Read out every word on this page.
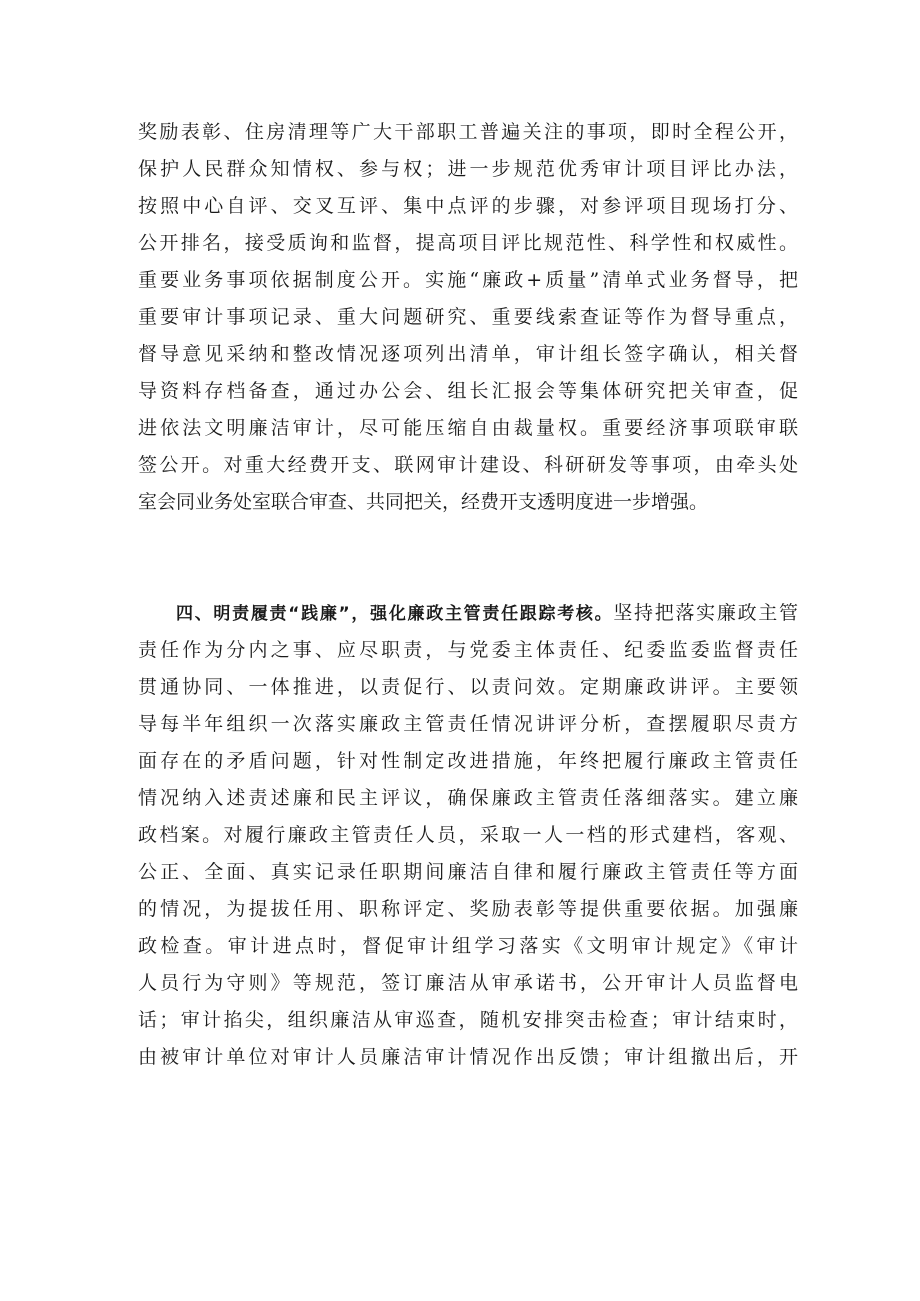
奖励表彰、住房清理等广大干部职工普遍关注的事项，即时全程公开，
保护人民群众知情权、参与权；进一步规范优秀审计项目评比办法，
按照中心自评、交叉互评、集中点评的步骤，对参评项目现场打分、
公开排名，接受质询和监督，提高项目评比规范性、科学性和权威性。
重要业务事项依据制度公开。实施“廉政+质量”清单式业务督导，把
重要审计事项记录、重大问题研究、重要线索查证等作为督导重点，
督导意见采纳和整改情况逐项列出清单，审计组长签字确认，相关督
导资料存档备查，通过办公会、组长汇报会等集体研究把关审查，促
进依法文明廉洁审计，尽可能压缩自由裁量权。重要经济事项联审联
签公开。对重大经费开支、联网审计建设、科研研发等事项，由牵头处
室会同业务处室联合审查、共同把关，经费开支透明度进一步增强。
四、明责履责“践廉”，强化廉政主管责任跟踪考核。坚持把落实廉政主管
责任作为分内之事、应尽职责，与党委主体责任、纪委监委监督责任
贯通协同、一体推进，以责促行、以责问效。定期廉政讲评。主要领
导每半年组织一次落实廉政主管责任情况讲评分析，查摆履职尽责方
面存在的矛盾问题，针对性制定改进措施，年终把履行廉政主管责任
情况纳入述责述廉和民主评议，确保廉政主管责任落细落实。建立廉
政档案。对履行廉政主管责任人员，采取一人一档的形式建档，客观、
公正、全面、真实记录任职期间廉洁自律和履行廉政主管责任等方面
的情况，为提拔任用、职称评定、奖励表彰等提供重要依据。加强廉
政检查。审计进点时，督促审计组学习落实《文明审计规定》《审计
人员行为守则》等规范，签订廉洁从审承诺书，公开审计人员监督电
话；审计掐尖，组织廉洁从审巡查，随机安排突击检查；审计结束时，
由被审计单位对审计人员廉洁审计情况作出反馈；审计组撤出后，开
